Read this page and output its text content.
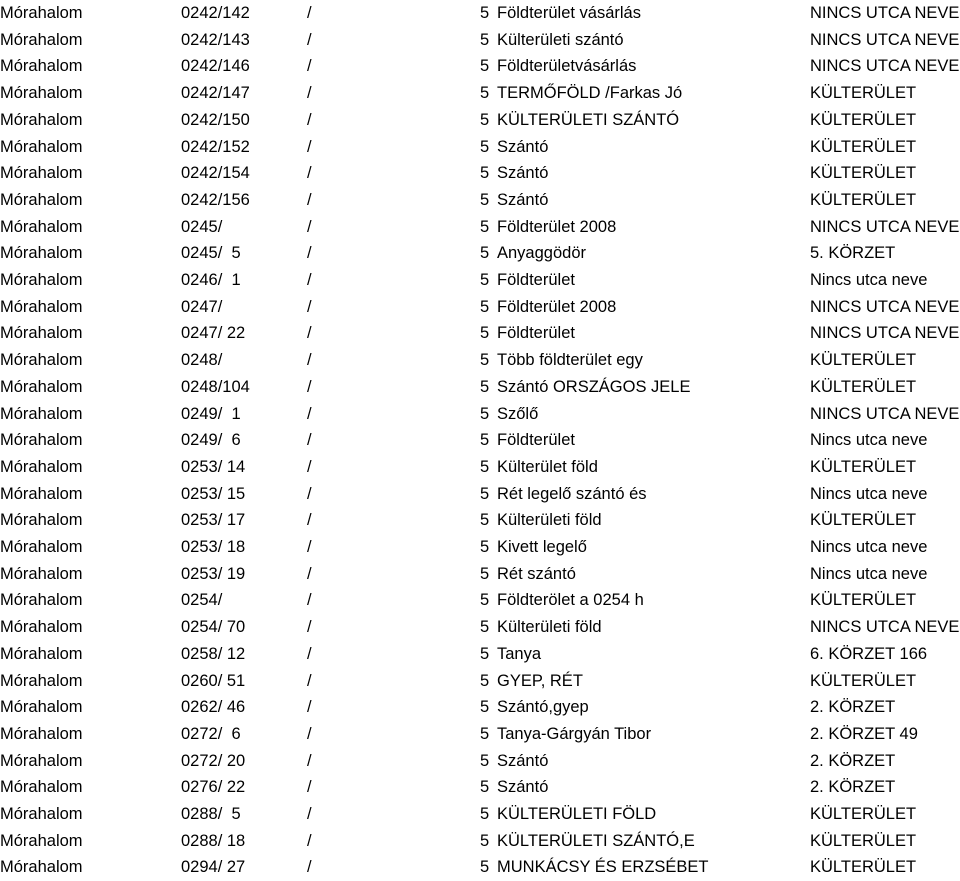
Mórahalom	0242/142	/	5 Földterület vásárlás	NINCS UTCA NEVE
Mórahalom	0242/143	/	5 Külterületi szántó	NINCS UTCA NEVE
Mórahalom	0242/146	/	5 Földterületvásárlás	NINCS UTCA NEVE
Mórahalom	0242/147	/	5 TERMŐFÖLD /Farkas Jó	KÜLTERÜLET
Mórahalom	0242/150	/	5 KÜLTERÜLETI SZÁNTÓ	KÜLTERÜLET
Mórahalom	0242/152	/	5 Szántó	KÜLTERÜLET
Mórahalom	0242/154	/	5 Szántó	KÜLTERÜLET
Mórahalom	0242/156	/	5 Szántó	KÜLTERÜLET
Mórahalom	0245/	/	5 Földterület 2008	NINCS UTCA NEVE
Mórahalom	0245/  5	/	5 Anyaggödör	5. KÖRZET
Mórahalom	0246/  1	/	5 Földterület	Nincs utca neve
Mórahalom	0247/	/	5 Földterület 2008	NINCS UTCA NEVE
Mórahalom	0247/ 22	/	5 Földterület	NINCS UTCA NEVE
Mórahalom	0248/	/	5 Több földterület egy	KÜLTERÜLET
Mórahalom	0248/104	/	5 Szántó ORSZÁGOS JELE	KÜLTERÜLET
Mórahalom	0249/  1	/	5 Szőlő	NINCS UTCA NEVE
Mórahalom	0249/  6	/	5 Földterület	Nincs utca neve
Mórahalom	0253/ 14	/	5 Külterület föld	KÜLTERÜLET
Mórahalom	0253/ 15	/	5 Rét legelő szántó és	Nincs utca neve
Mórahalom	0253/ 17	/	5 Külterületi föld	KÜLTERÜLET
Mórahalom	0253/ 18	/	5 Kivett legelő	Nincs utca neve
Mórahalom	0253/ 19	/	5 Rét szántó	Nincs utca neve
Mórahalom	0254/	/	5 Földterölet a 0254 h	KÜLTERÜLET
Mórahalom	0254/ 70	/	5 Külterületi föld	NINCS UTCA NEVE
Mórahalom	0258/ 12	/	5 Tanya	6. KÖRZET 166
Mórahalom	0260/ 51	/	5 GYEP, RÉT	KÜLTERÜLET
Mórahalom	0262/ 46	/	5 Szántó,gyep	2. KÖRZET
Mórahalom	0272/  6	/	5 Tanya-Gárgyán Tibor	2. KÖRZET 49
Mórahalom	0272/ 20	/	5 Szántó	2. KÖRZET
Mórahalom	0276/ 22	/	5 Szántó	2. KÖRZET
Mórahalom	0288/  5	/	5 KÜLTERÜLETI FÖLD	KÜLTERÜLET
Mórahalom	0288/ 18	/	5 KÜLTERÜLETI SZÁNTÓ,E	KÜLTERÜLET
Mórahalom	0294/ 27	/	5 MUNKÁCSY ÉS ERZSÉBET	KÜLTERÜLET
